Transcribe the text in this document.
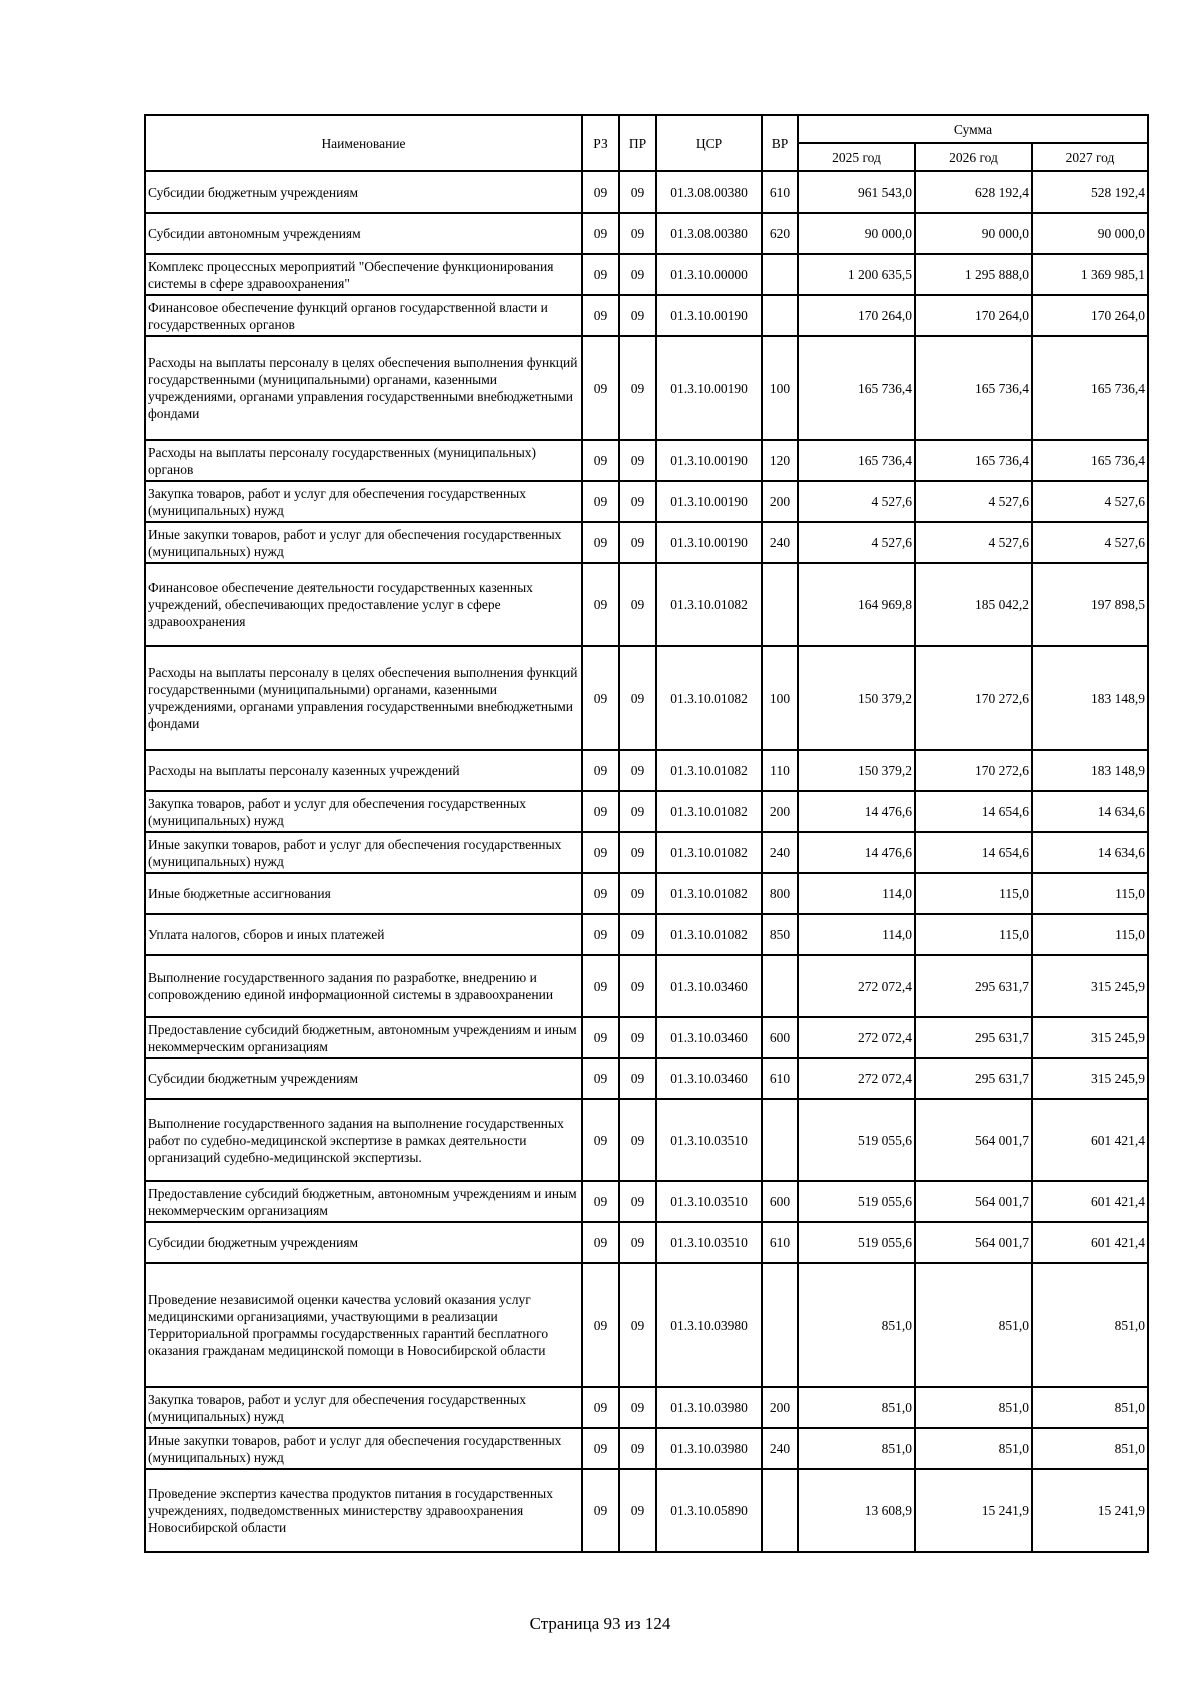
Наименование	РЗ	ПР	ЦСР	ВР	Сумма		
					2025 год	2026 год	2027 год
Субсидии бюджетным учреждениям	09	09	01.3.08.00380	610	961 543,0	628 192,4	528 192,4
Субсидии автономным учреждениям	09	09	01.3.08.00380	620	90 000,0	90 000,0	90 000,0
Комплекс процессных мероприятий "Обеспечение функционирования системы в сфере здравоохранения"	09	09	01.3.10.00000		1 200 635,5	1 295 888,0	1 369 985,1
Финансовое обеспечение функций органов государственной власти и государственных органов	09	09	01.3.10.00190		170 264,0	170 264,0	170 264,0
Расходы на выплаты персоналу в целях обеспечения выполнения функций государственными (муниципальными) органами, казенными учреждениями, органами управления государственными внебюджетными фондами	09	09	01.3.10.00190	100	165 736,4	165 736,4	165 736,4
Расходы на выплаты персоналу государственных (муниципальных) органов	09	09	01.3.10.00190	120	165 736,4	165 736,4	165 736,4
Закупка товаров, работ и услуг для обеспечения государственных (муниципальных) нужд	09	09	01.3.10.00190	200	4 527,6	4 527,6	4 527,6
Иные закупки товаров, работ и услуг для обеспечения государственных (муниципальных) нужд	09	09	01.3.10.00190	240	4 527,6	4 527,6	4 527,6
Финансовое обеспечение деятельности государственных казенных учреждений, обеспечивающих предоставление услуг в сфере здравоохранения	09	09	01.3.10.01082		164 969,8	185 042,2	197 898,5
Расходы на выплаты персоналу в целях обеспечения выполнения функций государственными (муниципальными) органами, казенными учреждениями, органами управления государственными внебюджетными фондами	09	09	01.3.10.01082	100	150 379,2	170 272,6	183 148,9
Расходы на выплаты персоналу казенных учреждений	09	09	01.3.10.01082	110	150 379,2	170 272,6	183 148,9
Закупка товаров, работ и услуг для обеспечения государственных (муниципальных) нужд	09	09	01.3.10.01082	200	14 476,6	14 654,6	14 634,6
Иные закупки товаров, работ и услуг для обеспечения государственных (муниципальных) нужд	09	09	01.3.10.01082	240	14 476,6	14 654,6	14 634,6
Иные бюджетные ассигнования	09	09	01.3.10.01082	800	114,0	115,0	115,0
Уплата налогов, сборов и иных платежей	09	09	01.3.10.01082	850	114,0	115,0	115,0
Выполнение государственного задания по разработке, внедрению и сопровождению единой информационной системы в здравоохранении	09	09	01.3.10.03460		272 072,4	295 631,7	315 245,9
Предоставление субсидий бюджетным, автономным учреждениям и иным некоммерческим организациям	09	09	01.3.10.03460	600	272 072,4	295 631,7	315 245,9
Субсидии бюджетным учреждениям	09	09	01.3.10.03460	610	272 072,4	295 631,7	315 245,9
Выполнение государственного задания на выполнение государственных работ по судебно-медицинской экспертизе в рамках деятельности организаций судебно-медицинской экспертизы.	09	09	01.3.10.03510		519 055,6	564 001,7	601 421,4
Предоставление субсидий бюджетным, автономным учреждениям и иным некоммерческим организациям	09	09	01.3.10.03510	600	519 055,6	564 001,7	601 421,4
Субсидии бюджетным учреждениям	09	09	01.3.10.03510	610	519 055,6	564 001,7	601 421,4
Проведение независимой оценки качества условий оказания услуг медицинскими организациями, участвующими в реализации Территориальной программы государственных гарантий бесплатного оказания гражданам медицинской помощи в Новосибирской области	09	09	01.3.10.03980		851,0	851,0	851,0
Закупка товаров, работ и услуг для обеспечения государственных (муниципальных) нужд	09	09	01.3.10.03980	200	851,0	851,0	851,0
Иные закупки товаров, работ и услуг для обеспечения государственных (муниципальных) нужд	09	09	01.3.10.03980	240	851,0	851,0	851,0
Проведение экспертиз качества продуктов питания в государственных учреждениях, подведомственных министерству здравоохранения Новосибирской области	09	09	01.3.10.05890		13 608,9	15 241,9	15 241,9
Страница 93 из 124
